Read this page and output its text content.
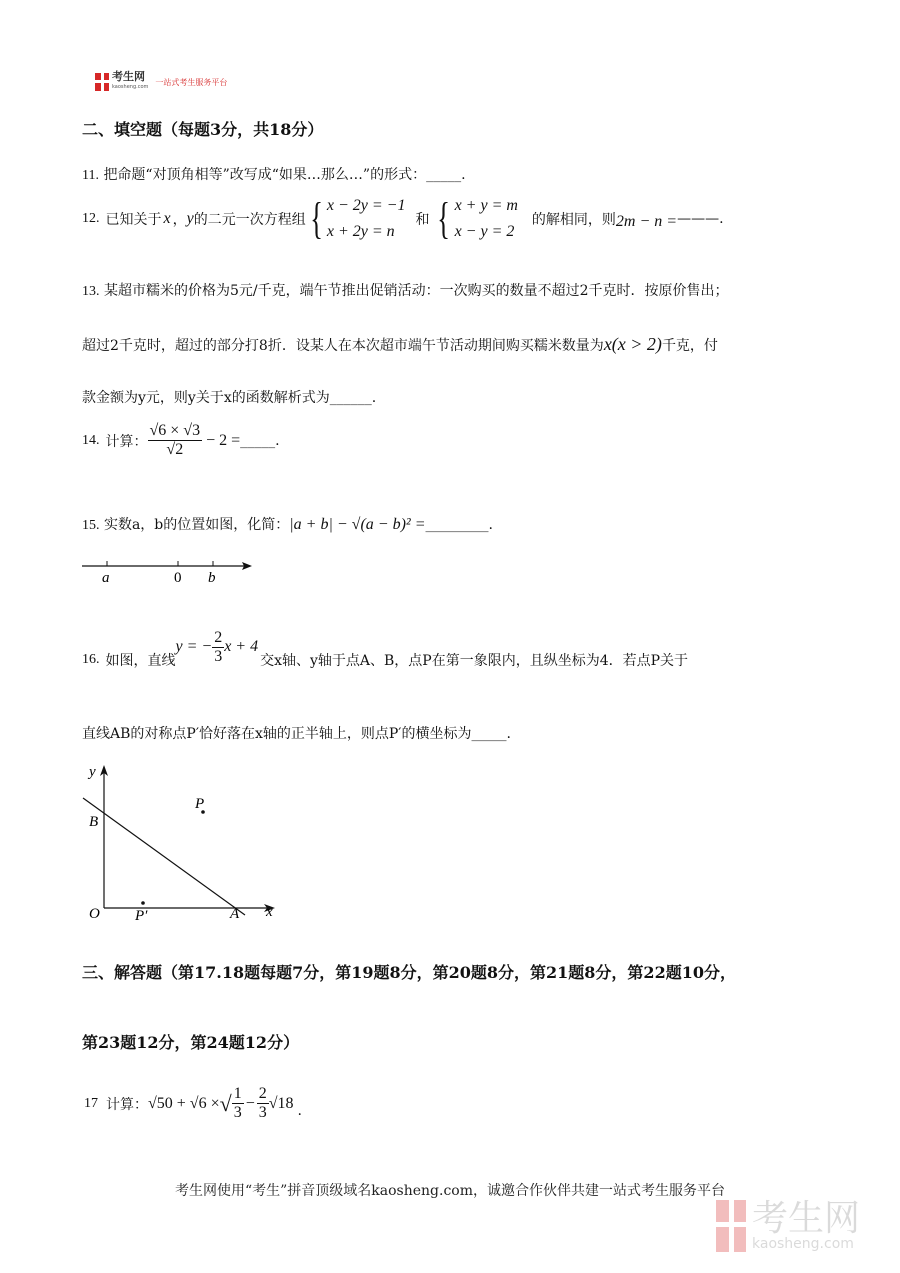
考生网
kaosheng.com
一站式考生服务平台
二、填空题（每题3分，共18分）
11. 把命题“对顶角相等”改写成“如果…那么…”的形式：_____.
12. 已知关于 x ， y 的二元一次方程组 { x − 2y = −1
x + 2y = n
和 { x + y = m
x − y = 2
的解相同，则 2m − n = ——— .
13. 某超市糯米的价格为5元/千克，端午节推出促销活动：一次购买的数量不超过2千克时．按原价售出；
超过2千克时，超过的部分打8折．设某人在本次超市端午节活动期间购买糯米数量为x(x > 2)千克，付
款金额为y元，则y关于x的函数解析式为______.
14. 计算： $\frac{√6 \times √3}{√2} - 2$ = _____ .
15. 实数a，b的位置如图，化简：|a + b| − √(a − b)² =_________.
a	0 b
16. 如图，直线
y = − $\frac{2}{3}$ x + 4
交x轴、y轴于点A、B，点P在第一象限内，且纵坐标为4．若点P关于
直线AB的对称点P′恰好落在x轴的正半轴上，则点P′的横坐标为_____.
y
x
B
P
O P′	A
三、解答题（第17.18题每题7分，第19题8分，第20题8分，第21题8分，第22题10分，
第23题12分，第24题12分）
17 计算： √50 + √6 × √ $\frac{1}{3} - \frac{2}{3} √18$ .
考生网使用“考生”拼音顶级域名kaosheng.com，诚邀合作伙伴共建一站式考生服务平台
考生网
kaosheng.com
